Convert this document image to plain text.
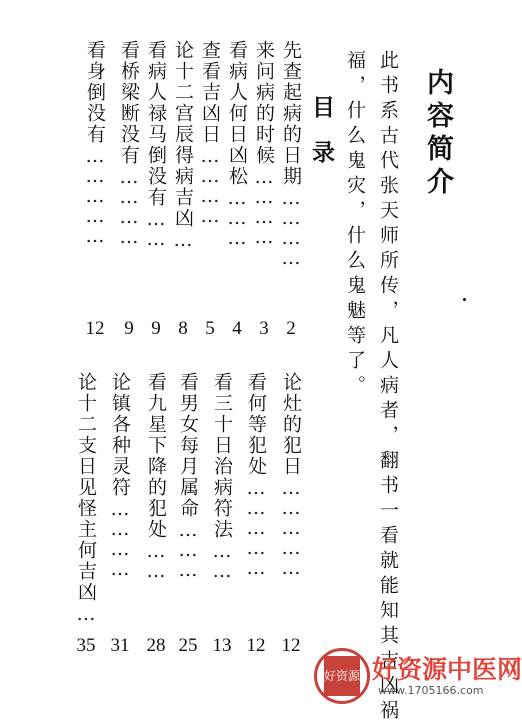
内容简介
此书系古代张天师所传，凡人病者，翻书一看就能知其吉凶祸
福，什么鬼灾，什么鬼魅等了。
目录
先查起病的日期…………
2
来问病的时候…………
3
看病人何日凶松………
4
查看吉凶日…………
5
论十二宫辰得病吉凶…
8
看病人禄马倒没有……
9
看桥梁断没有…………
9
看身倒没有……………
12
论灶的犯日……………
12
看何等犯处……………
12
看三十日治病符法……
13
看男女每月属命………
25
看九星下降的犯处……
28
论镇各种灵符…………
31
论十二支日见怪主何吉凶…
35
好资源 好资源中医网
www.1705166.com
